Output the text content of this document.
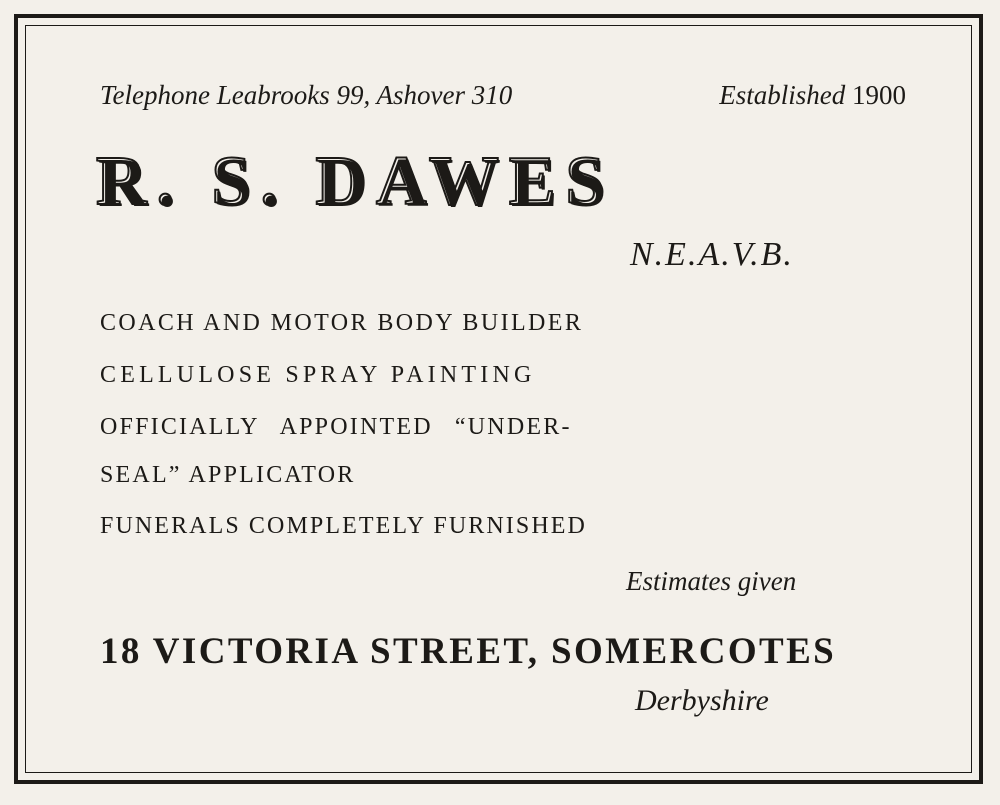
Telephone Leabrooks 99, Ashover 310	Established 1900
R. S. DAWES
N.E.A.V.B.
COACH AND MOTOR BODY BUILDER
CELLULOSE SPRAY PAINTING
OFFICIALLY APPOINTED “UNDER-
SEAL” APPLICATOR
FUNERALS COMPLETELY FURNISHED
Estimates given
18 VICTORIA STREET, SOMERCOTES
Derbyshire
